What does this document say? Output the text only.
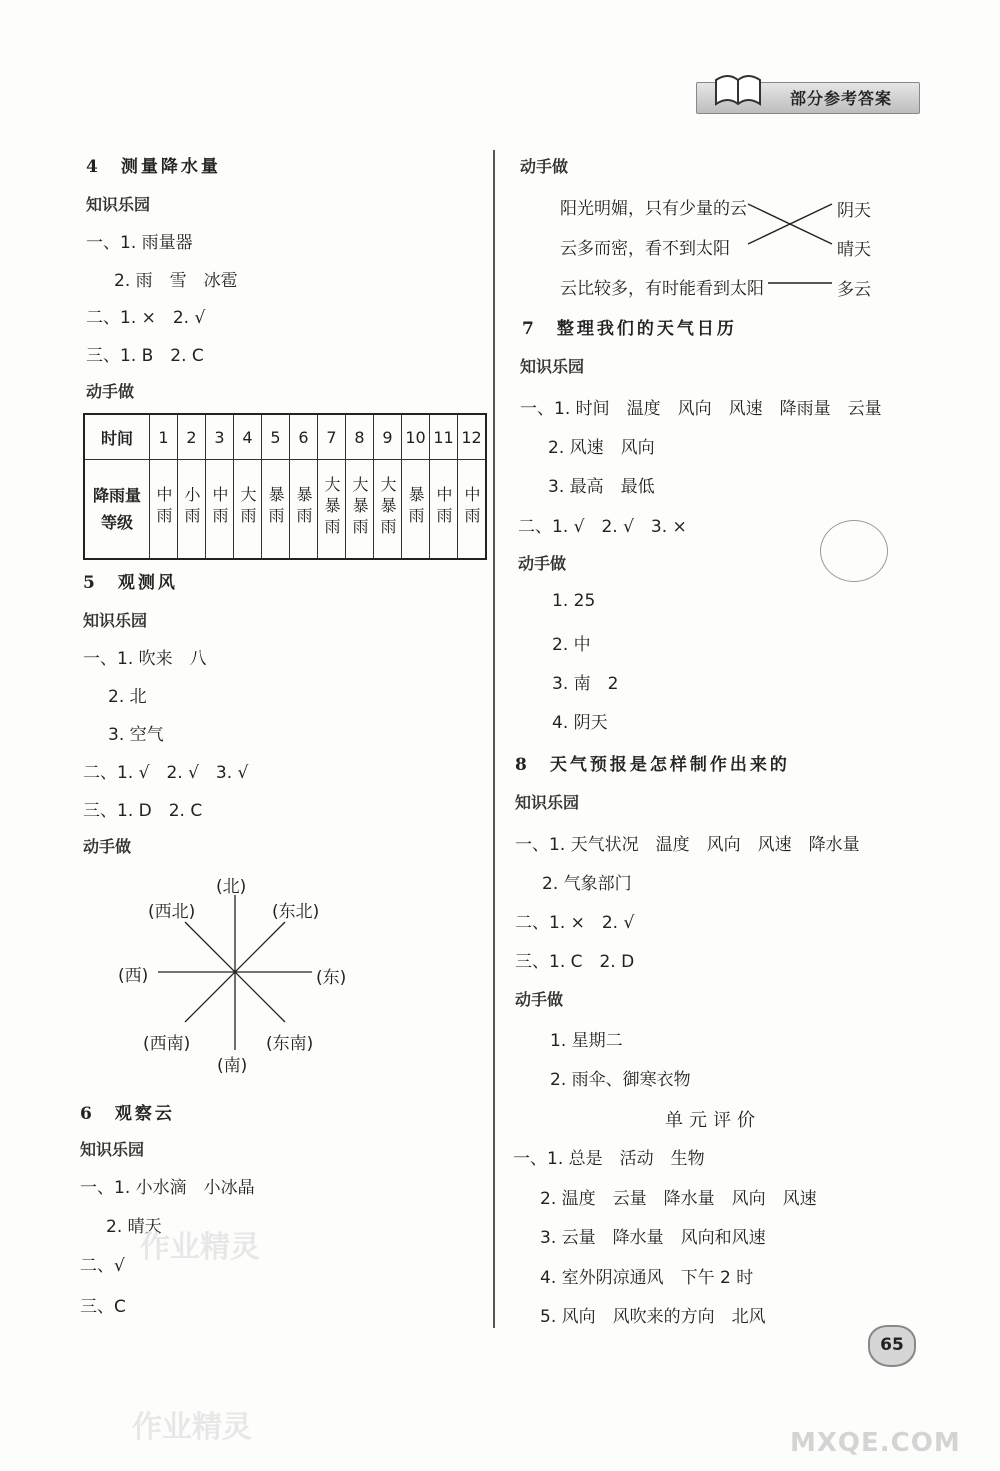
部分参考答案
4　测量降水量
知识乐园
一、1. 雨量器
2. 雨　雪　冰雹
二、1. ×　2. √
三、1. B　2. C
动手做
时间	1	2	3	4	5	6	7	8	9	10	11	12
降雨量等级	中雨	小雨	中雨	大雨	暴雨	暴雨	大暴雨	大暴雨	大暴雨	暴雨	中雨	中雨
5　观测风
知识乐园
一、1. 吹来　八
2. 北
3. 空气
二、1. √　2. √　3. √
三、1. D　2. C
动手做
(北)
(东北)
(东)
(东南)
(南)
(西南)
(西)
(西北)
6　观察云
知识乐园
一、1. 小水滴　小冰晶
2. 晴天
二、√
三、C
动手做
阳光明媚，只有少量的云
云多而密，看不到太阳
云比较多，有时能看到太阳
阴天
晴天
多云
7　整理我们的天气日历
知识乐园
一、1. 时间　温度　风向　风速　降雨量　云量
2. 风速　风向
3. 最高　最低
二、1. √　2. √　3. ×
动手做
1. 25
2. 中
3. 南　2
4. 阴天
8　天气预报是怎样制作出来的
知识乐园
一、1. 天气状况　温度　风向　风速　降水量
2. 气象部门
二、1. ×　2. √
三、1. C　2. D
动手做
1. 星期二
2. 雨伞、御寒衣物
单元评价
一、1. 总是　活动　生物
2. 温度　云量　降水量　风向　风速
3. 云量　降水量　风向和风速
4. 室外阴凉通风　下午 2 时
5. 风向　风吹来的方向　北风
65
作业精灵
作业精灵	MXQE.COM
